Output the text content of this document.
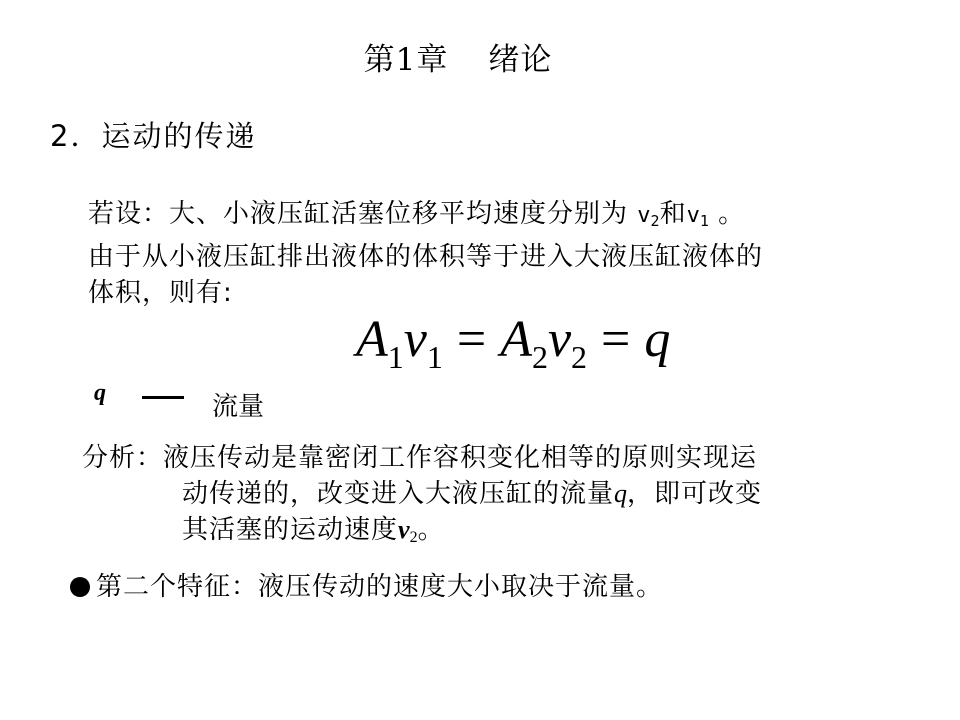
第1章 绪论
2．运动的传递
若设：大、小液压缸活塞位移平均速度分别为 $v_2$和$v_1$ 。
由于从小液压缸排出液体的体积等于进入大液压缸液体的
体积，则有:
$A_1v_1 = A_2v_2 = q$
q	流量
分析：液压传动是靠密闭工作容积变化相等的原则实现运
动传递的，改变进入大液压缸的流量q，即可改变
其活塞的运动速度$v_2$。
第二个特征：液压传动的速度大小取决于流量。
